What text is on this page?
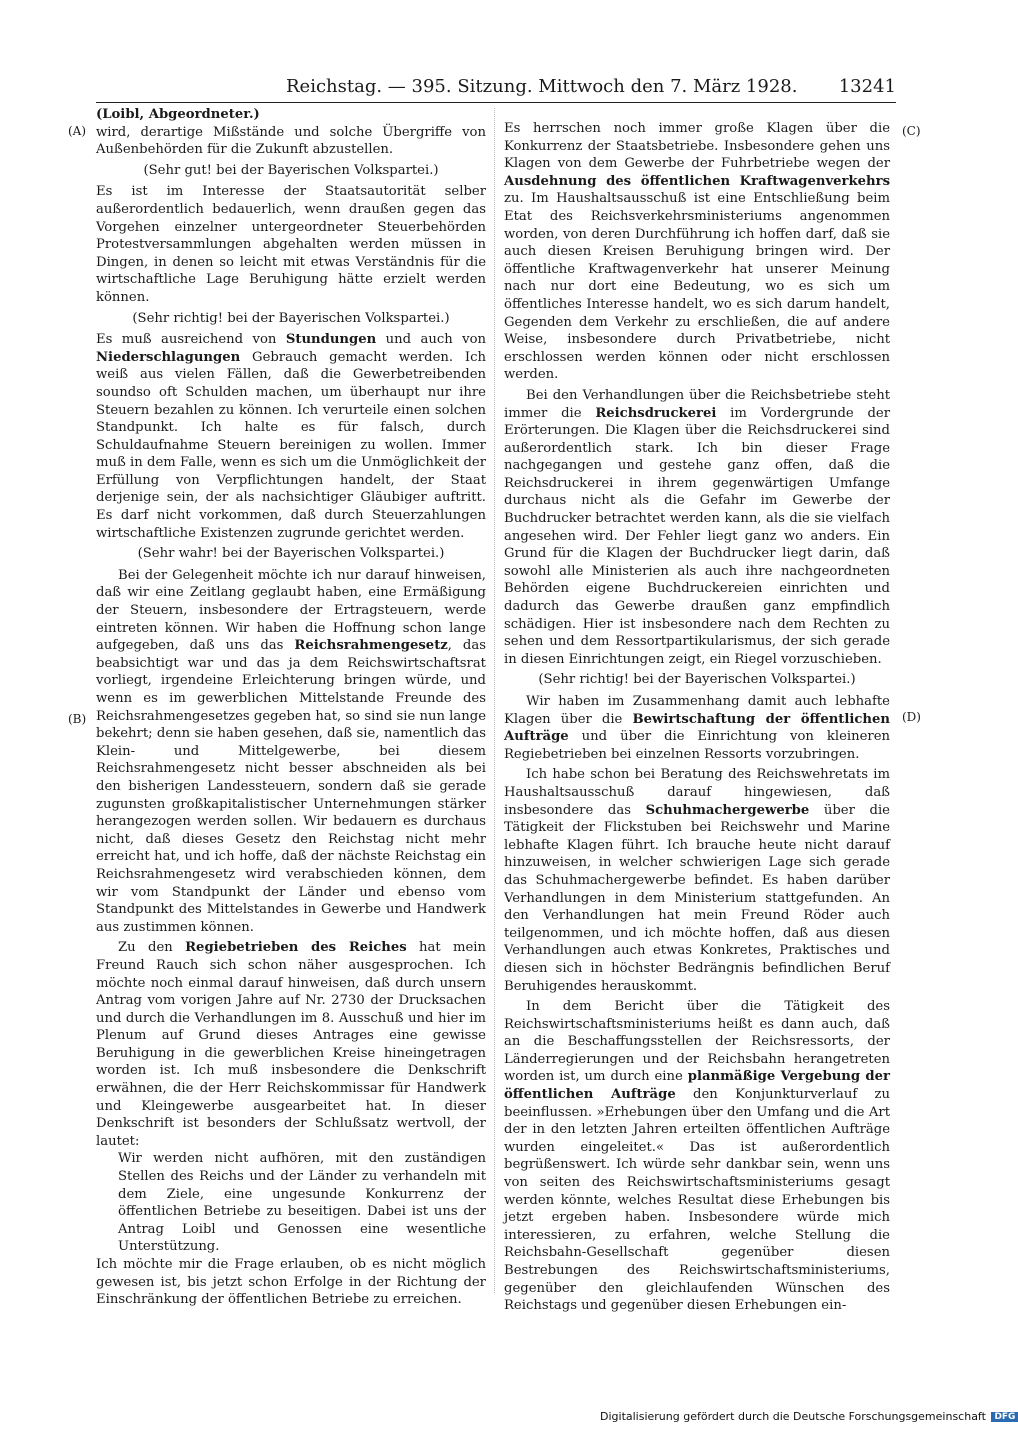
Reichstag. — 395. Sitzung. Mittwoch den 7. März 1928. 13241
(A)
(B)
(C)
(D)

(Loibl, Abgeordneter.)

wird, derartige Mißstände und solche Übergriffe von Außenbehörden für die Zukunft abzustellen.

(Sehr gut! bei der Bayerischen Volkspartei.)

Es ist im Interesse der Staatsautorität selber außerordentlich bedauerlich, wenn draußen gegen das Vorgehen einzelner untergeordneter Steuerbehörden Protestversammlungen abgehalten werden müssen in Dingen, in denen so leicht mit etwas Verständnis für die wirtschaftliche Lage Beruhigung hätte erzielt werden können.

(Sehr richtig! bei der Bayerischen Volkspartei.)

Es muß ausreichend von Stundungen und auch von Niederschlagungen Gebrauch gemacht werden. Ich weiß aus vielen Fällen, daß die Gewerbetreibenden soundso oft Schulden machen, um überhaupt nur ihre Steuern bezahlen zu können. Ich verurteile einen solchen Standpunkt. Ich halte es für falsch, durch Schuldaufnahme Steuern bereinigen zu wollen. Immer muß in dem Falle, wenn es sich um die Unmöglichkeit der Erfüllung von Verpflichtungen handelt, der Staat derjenige sein, der als nachsichtiger Gläubiger auftritt. Es darf nicht vorkommen, daß durch Steuerzahlungen wirtschaftliche Existenzen zugrunde gerichtet werden.

(Sehr wahr! bei der Bayerischen Volkspartei.)

Bei der Gelegenheit möchte ich nur darauf hinweisen, daß wir eine Zeitlang geglaubt haben, eine Ermäßigung der Steuern, insbesondere der Ertragsteuern, werde eintreten können. Wir haben die Hoffnung schon lange aufgegeben, daß uns das Reichsrahmengesetz, das beabsichtigt war und das ja dem Reichswirtschaftsrat vorliegt, irgendeine Erleichterung bringen würde, und wenn es im gewerblichen Mittelstande Freunde des Reichsrahmengesetzes gegeben hat, so sind sie nun lange bekehrt; denn sie haben gesehen, daß sie, namentlich das Klein- und Mittelgewerbe, bei diesem Reichsrahmengesetz nicht besser abschneiden als bei den bisherigen Landessteuern, sondern daß sie gerade zugunsten großkapitalistischer Unternehmungen stärker herangezogen werden sollen. Wir bedauern es durchaus nicht, daß dieses Gesetz den Reichstag nicht mehr erreicht hat, und ich hoffe, daß der nächste Reichstag ein Reichsrahmengesetz wird verabschieden können, dem wir vom Standpunkt der Länder und ebenso vom Standpunkt des Mittelstandes in Gewerbe und Handwerk aus zustimmen können.

Zu den Regiebetrieben des Reiches hat mein Freund Rauch sich schon näher ausgesprochen. Ich möchte noch einmal darauf hinweisen, daß durch unsern Antrag vom vorigen Jahre auf Nr. 2730 der Drucksachen und durch die Verhandlungen im 8. Ausschuß und hier im Plenum auf Grund dieses Antrages eine gewisse Beruhigung in die gewerblichen Kreise hineingetragen worden ist. Ich muß insbesondere die Denkschrift erwähnen, die der Herr Reichskommissar für Handwerk und Kleingewerbe ausgearbeitet hat. In dieser Denkschrift ist besonders der Schlußsatz wertvoll, der lautet:

Wir werden nicht aufhören, mit den zuständigen Stellen des Reichs und der Länder zu verhandeln mit dem Ziele, eine ungesunde Konkurrenz der öffentlichen Betriebe zu beseitigen. Dabei ist uns der Antrag Loibl und Genossen eine wesentliche Unterstützung.

Ich möchte mir die Frage erlauben, ob es nicht möglich gewesen ist, bis jetzt schon Erfolge in der Richtung der Einschränkung der öffentlichen Betriebe zu erreichen.

Es herrschen noch immer große Klagen über die Konkurrenz der Staatsbetriebe. Insbesondere gehen uns Klagen von dem Gewerbe der Fuhrbetriebe wegen der Ausdehnung des öffentlichen Kraftwagenverkehrs zu. Im Haushaltsausschuß ist eine Entschließung beim Etat des Reichsverkehrsministeriums angenommen worden, von deren Durchführung ich hoffen darf, daß sie auch diesen Kreisen Beruhigung bringen wird. Der öffentliche Kraftwagenverkehr hat unserer Meinung nach nur dort eine Bedeutung, wo es sich um öffentliches Interesse handelt, wo es sich darum handelt, Gegenden dem Verkehr zu erschließen, die auf andere Weise, insbesondere durch Privatbetriebe, nicht erschlossen werden können oder nicht erschlossen werden.

Bei den Verhandlungen über die Reichsbetriebe steht immer die Reichsdruckerei im Vordergrunde der Erörterungen. Die Klagen über die Reichsdruckerei sind außerordentlich stark. Ich bin dieser Frage nachgegangen und gestehe ganz offen, daß die Reichsdruckerei in ihrem gegenwärtigen Umfange durchaus nicht als die Gefahr im Gewerbe der Buchdrucker betrachtet werden kann, als die sie vielfach angesehen wird. Der Fehler liegt ganz wo anders. Ein Grund für die Klagen der Buchdrucker liegt darin, daß sowohl alle Ministerien als auch ihre nachgeordneten Behörden eigene Buchdruckereien einrichten und dadurch das Gewerbe draußen ganz empfindlich schädigen. Hier ist insbesondere nach dem Rechten zu sehen und dem Ressortpartikularismus, der sich gerade in diesen Einrichtungen zeigt, ein Riegel vorzuschieben.

(Sehr richtig! bei der Bayerischen Volkspartei.)

Wir haben im Zusammenhang damit auch lebhafte Klagen über die Bewirtschaftung der öffentlichen Aufträge und über die Einrichtung von kleineren Regiebetrieben bei einzelnen Ressorts vorzubringen.

Ich habe schon bei Beratung des Reichswehretats im Haushaltsausschuß darauf hingewiesen, daß insbesondere das Schuhmachergewerbe über die Tätigkeit der Flickstuben bei Reichswehr und Marine lebhafte Klagen führt. Ich brauche heute nicht darauf hinzuweisen, in welcher schwierigen Lage sich gerade das Schuhmachergewerbe befindet. Es haben darüber Verhandlungen in dem Ministerium stattgefunden. An den Verhandlungen hat mein Freund Röder auch teilgenommen, und ich möchte hoffen, daß aus diesen Verhandlungen auch etwas Konkretes, Praktisches und diesen sich in höchster Bedrängnis befindlichen Beruf Beruhigendes herauskommt.

In dem Bericht über die Tätigkeit des Reichswirtschaftsministeriums heißt es dann auch, daß an die Beschaffungsstellen der Reichsressorts, der Länderregierungen und der Reichsbahn herangetreten worden ist, um durch eine planmäßige Vergebung der öffentlichen Aufträge den Konjunkturverlauf zu beeinflussen. »Erhebungen über den Umfang und die Art der in den letzten Jahren erteilten öffentlichen Aufträge wurden eingeleitet.« Das ist außerordentlich begrüßenswert. Ich würde sehr dankbar sein, wenn uns von seiten des Reichswirtschaftsministeriums gesagt werden könnte, welches Resultat diese Erhebungen bis jetzt ergeben haben. Insbesondere würde mich interessieren, zu erfahren, welche Stellung die Reichsbahn-Gesellschaft gegenüber diesen Bestrebungen des Reichswirtschaftsministeriums, gegenüber den gleichlaufenden Wünschen des Reichstags und gegenüber diesen Erhebungen ein-

Digitalisierung gefördert durch die Deutsche Forschungsgemeinschaft DFG
